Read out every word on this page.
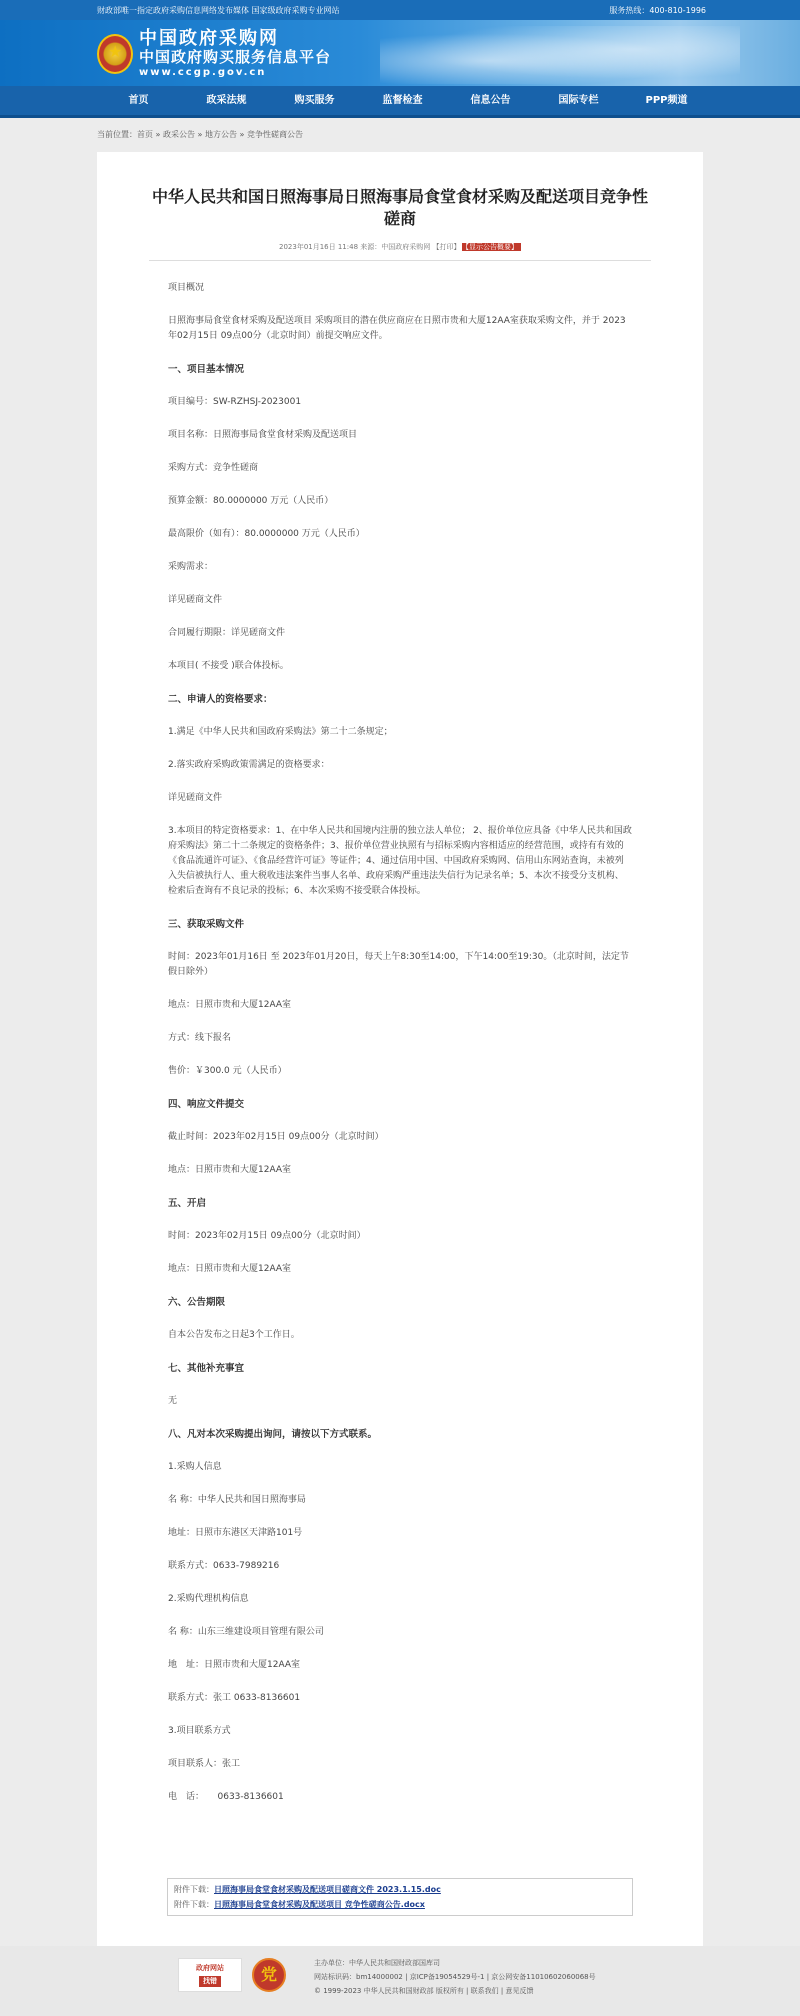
财政部唯一指定政府采购信息网络发布媒体 国家级政府采购专业网站	服务热线：400-810-1996
★
中国政府采购网
中国政府购买服务信息平台
www.ccgp.gov.cn
首页	政采法规	购买服务	监督检查	信息公告	国际专栏	PPP频道
当前位置：首页 » 政采公告 » 地方公告 » 竞争性磋商公告
中华人民共和国日照海事局日照海事局食堂食材采购及配送项目竞争性磋商
2023年01月16日 11:48 来源：中国政府采购网 【打印】 【显示公告概要】
项目概况
日照海事局食堂食材采购及配送项目 采购项目的潜在供应商应在日照市贵和大厦12AA室获取采购文件，并于 2023年02月15日 09点00分（北京时间）前提交响应文件。
一、项目基本情况
项目编号：SW-RZHSJ-2023001
项目名称：日照海事局食堂食材采购及配送项目
采购方式：竞争性磋商
预算金额：80.0000000 万元（人民币）
最高限价（如有）：80.0000000 万元（人民币）
采购需求：
详见磋商文件
合同履行期限：详见磋商文件
本项目( 不接受 )联合体投标。
二、申请人的资格要求：
1.满足《中华人民共和国政府采购法》第二十二条规定；
2.落实政府采购政策需满足的资格要求：
详见磋商文件
3.本项目的特定资格要求：1、在中华人民共和国境内注册的独立法人单位； 2、报价单位应具备《中华人民共和国政府采购法》第二十二条规定的资格条件；3、报价单位营业执照有与招标采购内容相适应的经营范围，或持有有效的《食品流通许可证》、《食品经营许可证》等证件；4、通过信用中国、中国政府采购网、信用山东网站查询，未被列入失信被执行人、重大税收违法案件当事人名单、政府采购严重违法失信行为记录名单；5、本次不接受分支机构、检索后查询有不良记录的投标；6、本次采购不接受联合体投标。
三、获取采购文件
时间：2023年01月16日 至 2023年01月20日，每天上午8:30至14:00，下午14:00至19:30。（北京时间，法定节假日除外）
地点：日照市贵和大厦12AA室
方式：线下报名
售价：￥300.0 元（人民币）
四、响应文件提交
截止时间：2023年02月15日 09点00分（北京时间）
地点：日照市贵和大厦12AA室
五、开启
时间：2023年02月15日 09点00分（北京时间）
地点：日照市贵和大厦12AA室
六、公告期限
自本公告发布之日起3个工作日。
七、其他补充事宜
无
八、凡对本次采购提出询问，请按以下方式联系。
1.采购人信息
名 称：中华人民共和国日照海事局
地址：日照市东港区天津路101号
联系方式：0633-7989216
2.采购代理机构信息
名 称：山东三维建设项目管理有限公司
地　址：日照市贵和大厦12AA室
联系方式：张工 0633-8136601
3.项目联系方式
项目联系人：张工
电　话：　　0633-8136601
附件下载：日照海事局食堂食材采购及配送项目磋商文件 2023.1.15.doc
附件下载：日照海事局食堂食材采购及配送项目 竞争性磋商公告.docx
政府网站
找错	党
主办单位：中华人民共和国财政部国库司
网站标识码：bm14000002 | 京ICP备19054529号-1 | 京公网安备11010602060068号
© 1999-2023 中华人民共和国财政部 版权所有 | 联系我们 | 意见反馈
